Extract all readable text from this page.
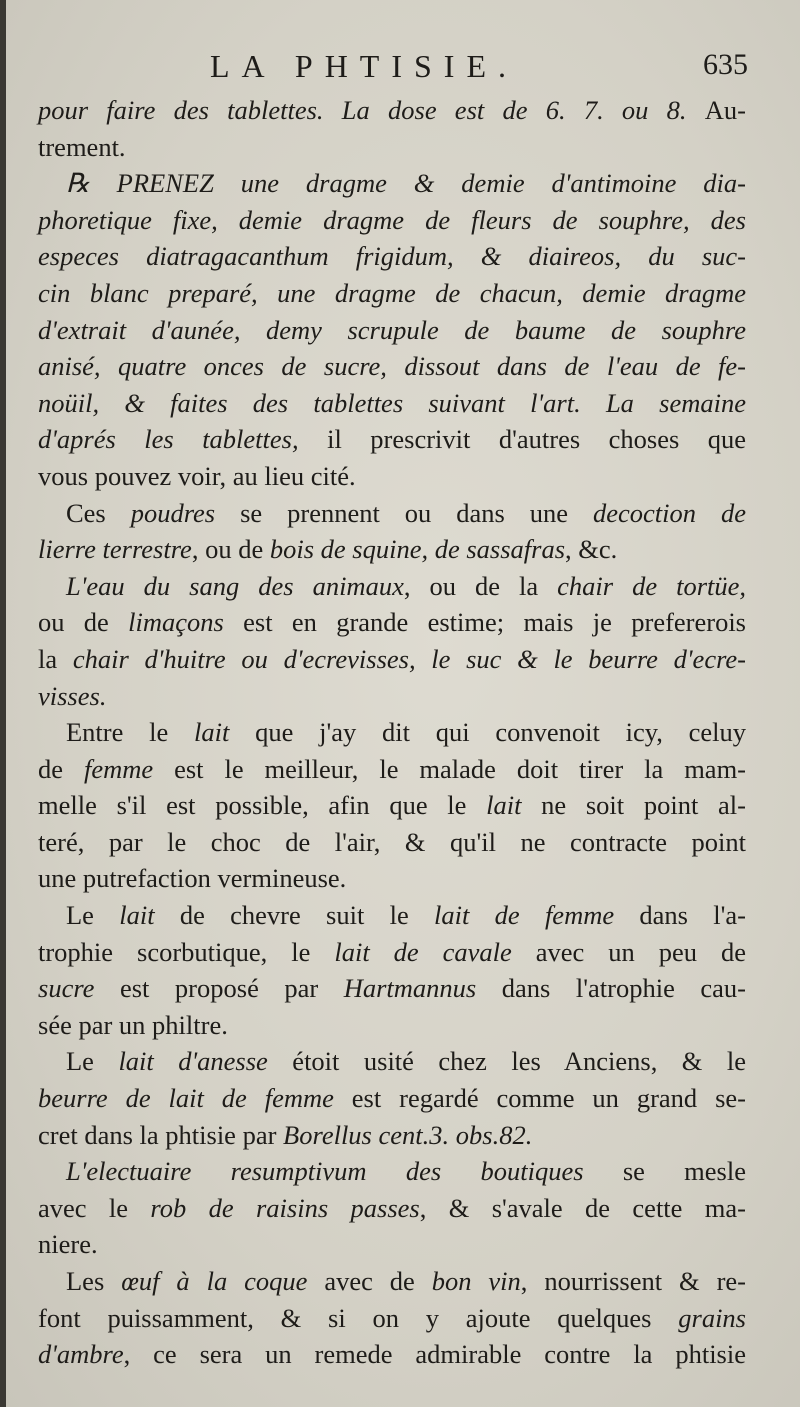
LA PHTISIE.	635
pour faire des tablettes. La dose est de 6. 7. ou 8. Au-
trement.
℞ PRENEZ une dragme & demie d'antimoine dia-
phoretique fixe, demie dragme de fleurs de souphre, des
especes diatragacanthum frigidum, & diaireos, du suc-
cin blanc preparé, une dragme de chacun, demie dragme
d'extrait d'aunée, demy scrupule de baume de souphre
anisé, quatre onces de sucre, dissout dans de l'eau de fe-
noüil, & faites des tablettes suivant l'art. La semaine
d'aprés les tablettes, il prescrivit d'autres choses que
vous pouvez voir, au lieu cité.
Ces poudres se prennent ou dans une decoction de
lierre terrestre, ou de bois de squine, de sassafras, &c.
L'eau du sang des animaux, ou de la chair de tortüe,
ou de limaçons est en grande estime; mais je prefererois
la chair d'huitre ou d'ecrevisses, le suc & le beurre d'ecre-
visses.
Entre le lait que j'ay dit qui convenoit icy, celuy
de femme est le meilleur, le malade doit tirer la mam-
melle s'il est possible, afin que le lait ne soit point al-
teré, par le choc de l'air, & qu'il ne contracte point
une putrefaction vermineuse.
Le lait de chevre suit le lait de femme dans l'a-
trophie scorbutique, le lait de cavale avec un peu de
sucre est proposé par Hartmannus dans l'atrophie cau-
sée par un philtre.
Le lait d'anesse étoit usité chez les Anciens, & le
beurre de lait de femme est regardé comme un grand se-
cret dans la phtisie par Borellus cent.3. obs.82.
L'electuaire resumptivum des boutiques se mesle
avec le rob de raisins passes, & s'avale de cette ma-
niere.
Les œuf à la coque avec de bon vin, nourrissent & re-
font puissamment, & si on y ajoute quelques grains
d'ambre, ce sera un remede admirable contre la phtisie
